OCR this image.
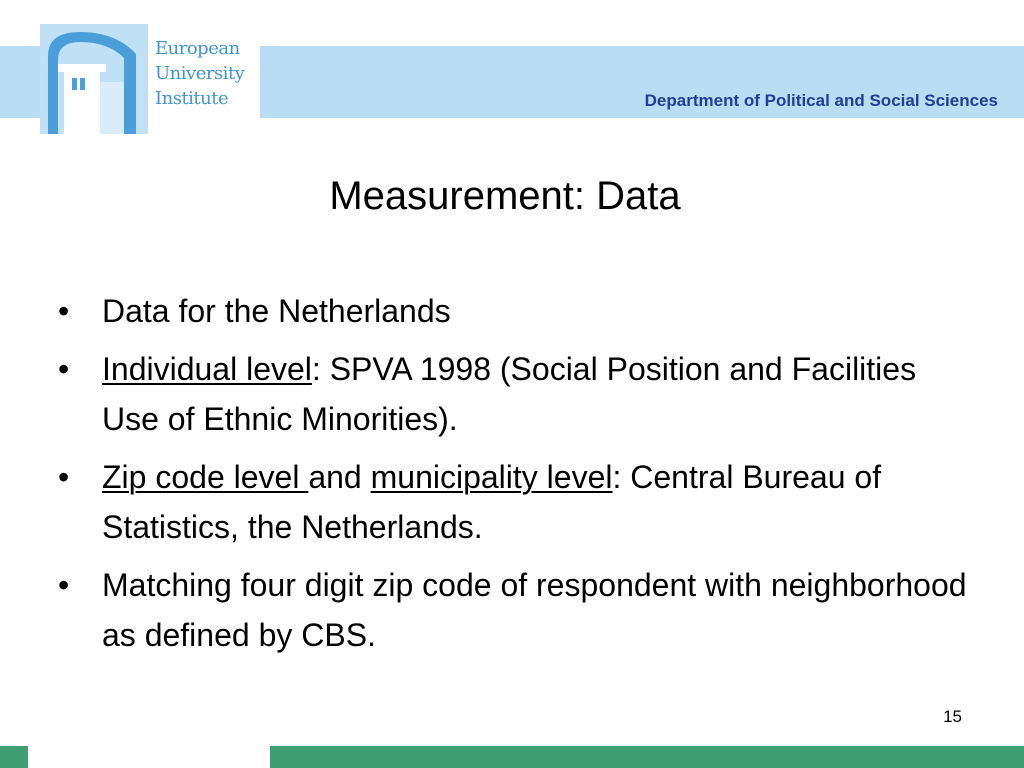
European
University
Institute	Department of Political and Social Sciences
Measurement: Data
• Data for the Netherlands
• Individual level: SPVA 1998 (Social Position and Facilities Use of Ethnic Minorities).
• Zip code level and municipality level: Central Bureau of Statistics, the Netherlands.
• Matching four digit zip code of respondent with neighborhood as defined by CBS.
15
